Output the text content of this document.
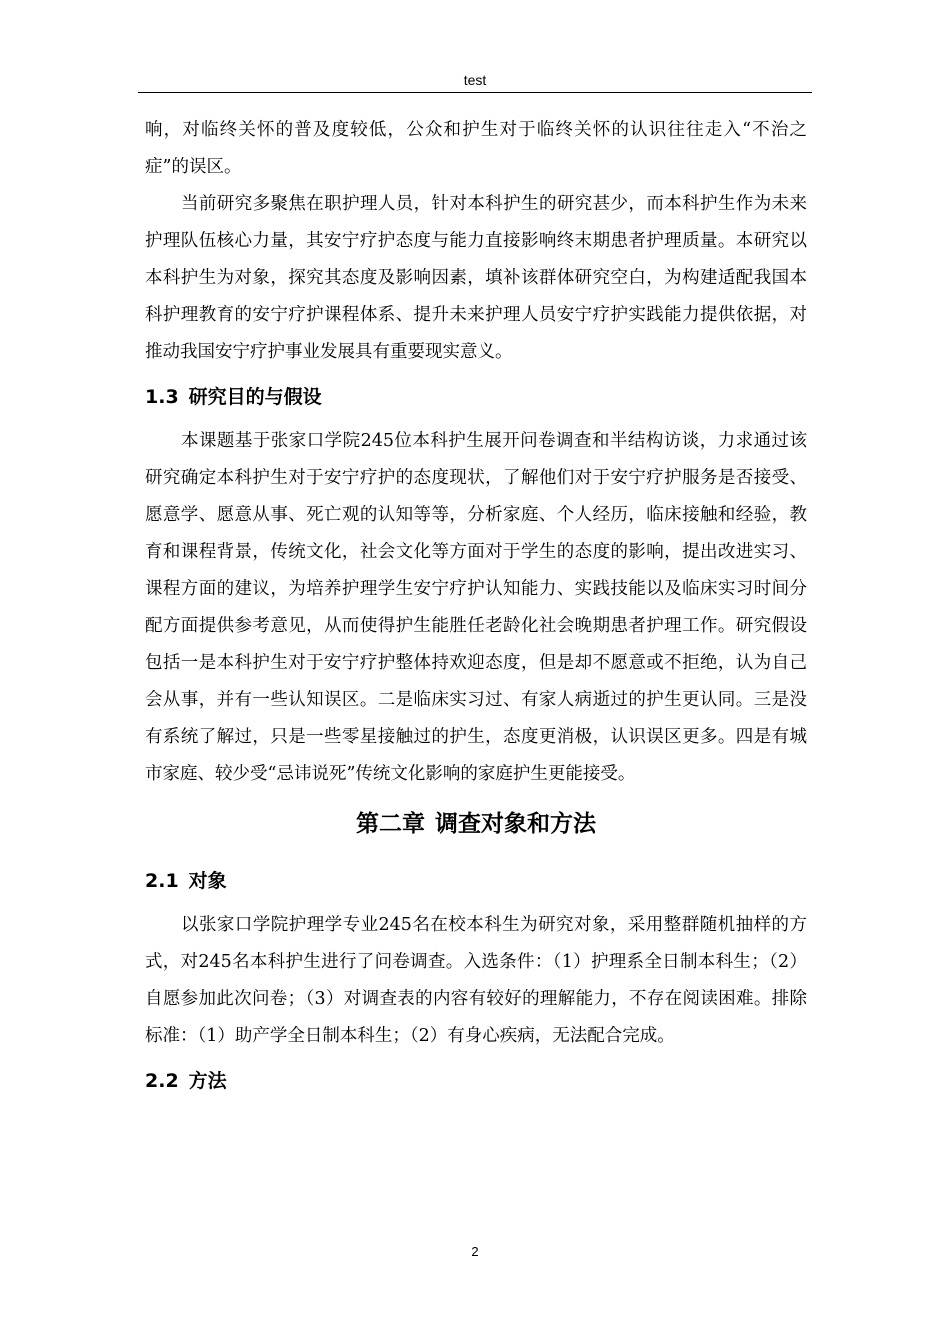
test

响，对临终关怀的普及度较低，公众和护生对于临终关怀的认识往往走入“不治之症”的误区。

当前研究多聚焦在职护理人员，针对本科护生的研究甚少，而本科护生作为未来护理队伍核心力量，其安宁疗护态度与能力直接影响终末期患者护理质量。本研究以本科护生为对象，探究其态度及影响因素，填补该群体研究空白，为构建适配我国本科护理教育的安宁疗护课程体系、提升未来护理人员安宁疗护实践能力提供依据，对推动我国安宁疗护事业发展具有重要现实意义。

1.3 研究目的与假设

本课题基于张家口学院245位本科护生展开问卷调查和半结构访谈，力求通过该研究确定本科护生对于安宁疗护的态度现状，了解他们对于安宁疗护服务是否接受、愿意学、愿意从事、死亡观的认知等等，分析家庭、个人经历，临床接触和经验，教育和课程背景，传统文化，社会文化等方面对于学生的态度的影响，提出改进实习、课程方面的建议，为培养护理学生安宁疗护认知能力、实践技能以及临床实习时间分配方面提供参考意见，从而使得护生能胜任老龄化社会晚期患者护理工作。研究假设包括一是本科护生对于安宁疗护整体持欢迎态度，但是却不愿意或不拒绝，认为自己会从事，并有一些认知误区。二是临床实习过、有家人病逝过的护生更认同。三是没有系统了解过，只是一些零星接触过的护生，态度更消极，认识误区更多。四是有城市家庭、较少受“忌讳说死”传统文化影响的家庭护生更能接受。

第二章 调查对象和方法
2.1 对象

以张家口学院护理学专业245名在校本科生为研究对象，采用整群随机抽样的方式，对245名本科护生进行了问卷调查。入选条件：（1）护理系全日制本科生；（2）自愿参加此次问卷；（3）对调查表的内容有较好的理解能力，不存在阅读困难。排除标准：（1）助产学全日制本科生；（2）有身心疾病，无法配合完成。

2.2 方法
2
